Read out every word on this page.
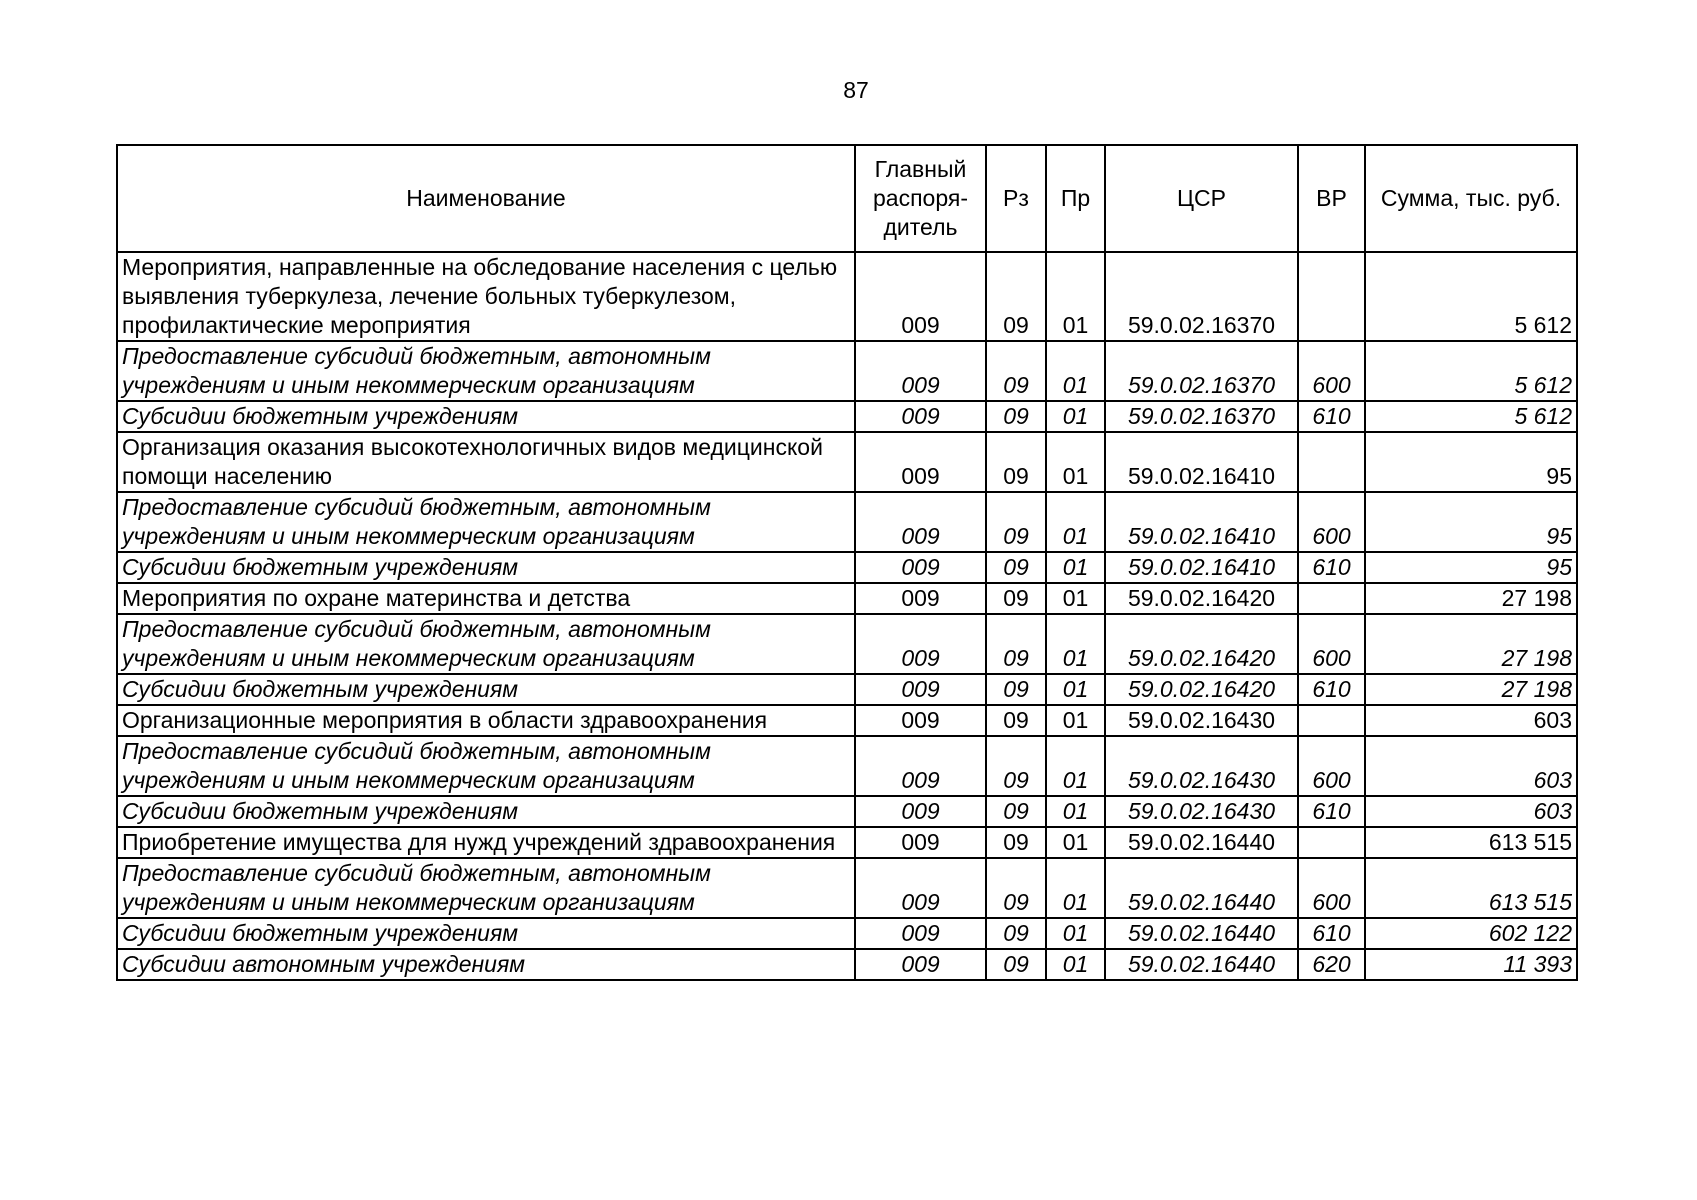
87
Наименование	Главный распоря-дитель	Рз	Пр	ЦСР	ВР	Сумма, тыс. руб.
Мероприятия, направленные на обследование населения с целью выявления туберкулеза, лечение больных туберкулезом, профилактические мероприятия	009	09	01	59.0.02.16370		5 612
Предоставление субсидий бюджетным, автономным учреждениям и иным некоммерческим организациям	009	09	01	59.0.02.16370	600	5 612
Субсидии бюджетным учреждениям	009	09	01	59.0.02.16370	610	5 612
Организация оказания высокотехнологичных видов медицинской помощи населению	009	09	01	59.0.02.16410		95
Предоставление субсидий бюджетным, автономным учреждениям и иным некоммерческим организациям	009	09	01	59.0.02.16410	600	95
Субсидии бюджетным учреждениям	009	09	01	59.0.02.16410	610	95
Мероприятия по охране материнства и детства	009	09	01	59.0.02.16420		27 198
Предоставление субсидий бюджетным, автономным учреждениям и иным некоммерческим организациям	009	09	01	59.0.02.16420	600	27 198
Субсидии бюджетным учреждениям	009	09	01	59.0.02.16420	610	27 198
Организационные мероприятия в области здравоохранения	009	09	01	59.0.02.16430		603
Предоставление субсидий бюджетным, автономным учреждениям и иным некоммерческим организациям	009	09	01	59.0.02.16430	600	603
Субсидии бюджетным учреждениям	009	09	01	59.0.02.16430	610	603
Приобретение имущества для нужд учреждений здравоохранения	009	09	01	59.0.02.16440		613 515
Предоставление субсидий бюджетным, автономным учреждениям и иным некоммерческим организациям	009	09	01	59.0.02.16440	600	613 515
Субсидии бюджетным учреждениям	009	09	01	59.0.02.16440	610	602 122
Субсидии автономным учреждениям	009	09	01	59.0.02.16440	620	11 393
